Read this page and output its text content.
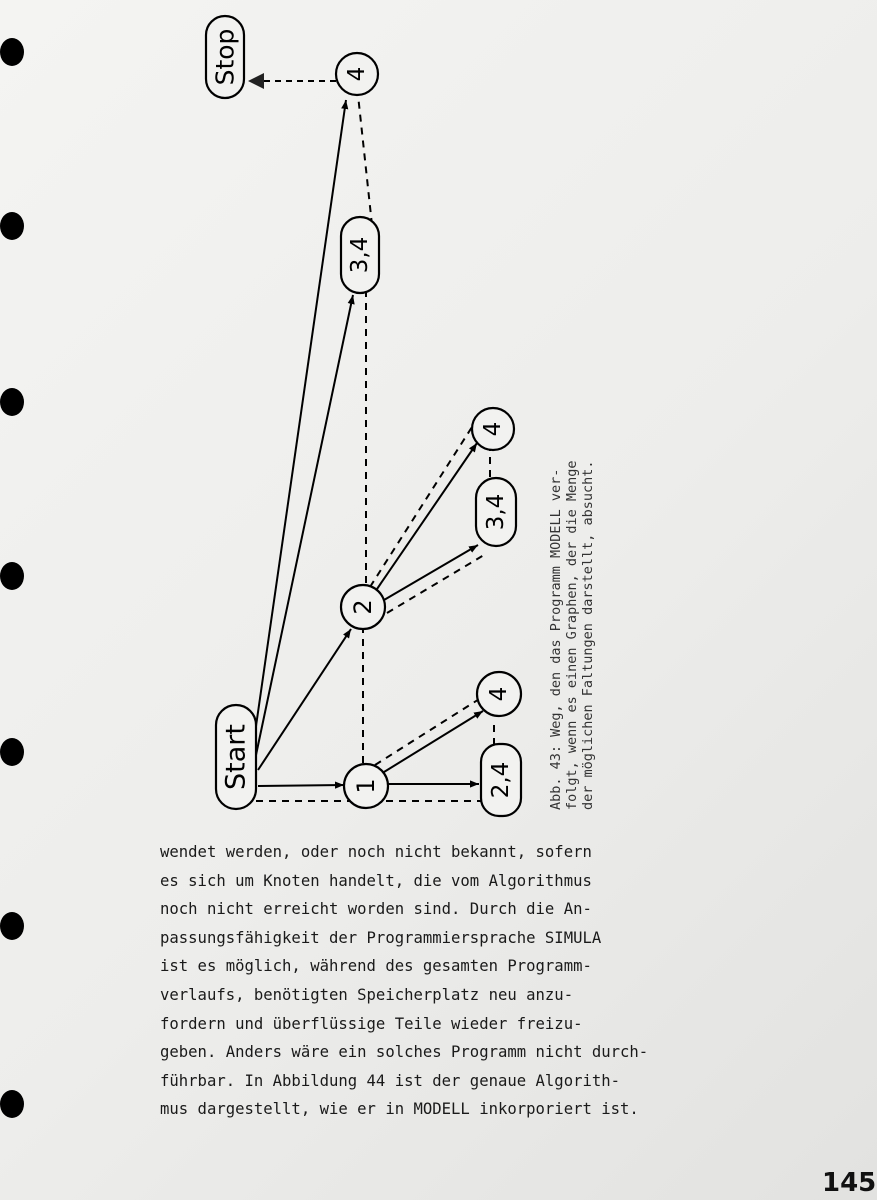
Stop	4
3,4
4
3,4
2
4
Start	1	2,4	Abb. 43: Weg, den das Programm MODELL ver- folgt, wenn es einen Graphen, der die Menge der möglichen Faltungen darstellt, absucht.
wendet werden, oder noch nicht bekannt, sofern
es sich um Knoten handelt, die vom Algorithmus
noch nicht erreicht worden sind. Durch die An-
passungsfähigkeit der Programmiersprache SIMULA
ist es möglich, während des gesamten Programm-
verlaufs, benötigten Speicherplatz neu anzu-
fordern und überflüssige Teile wieder freizu-
geben. Anders wäre ein solches Programm nicht durch-
führbar. In Abbildung 44 ist der genaue Algorith-
mus dargestellt, wie er in MODELL inkorporiert ist.
145
